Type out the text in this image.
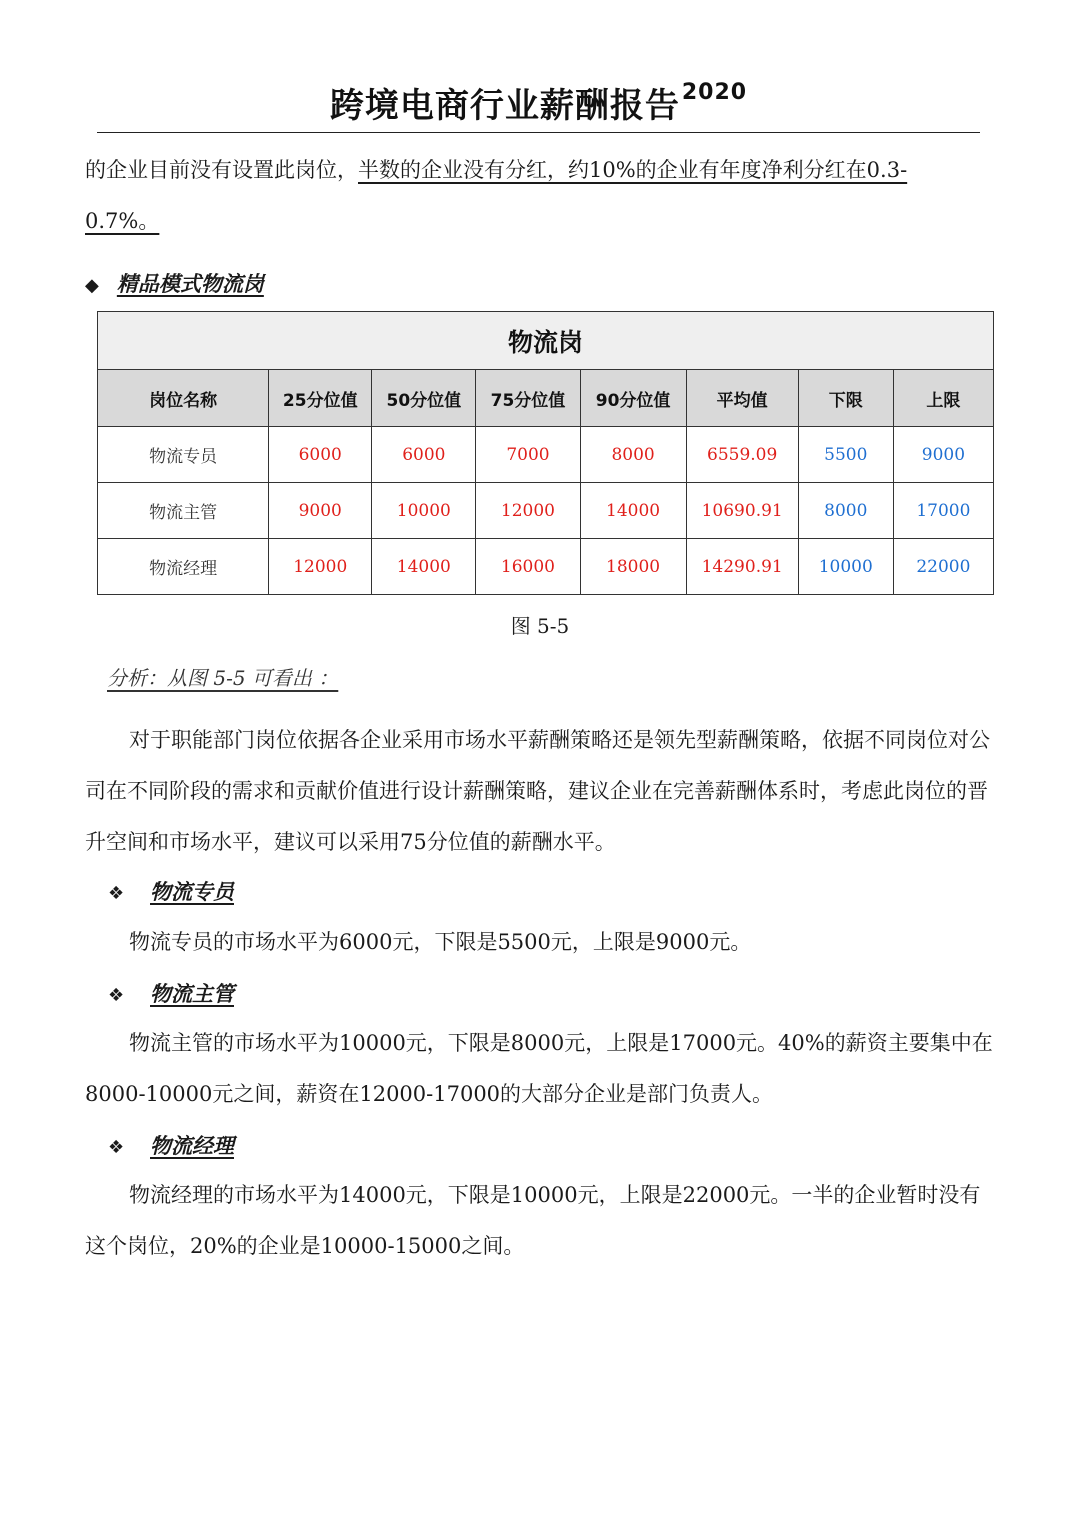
跨境电商行业薪酬报告$^{2020}$

的企业目前没有设置此岗位，半数的企业没有分红，约10%的企业有年度净利分红在0.3-
0.7%。

◆ 精品模式物流岗
物流岗							
岗位名称	25分位值	50分位值	75分位值	90分位值	平均值	下限	上限
物流专员	6000	6000	7000	8000	6559.09	5500	9000
物流主管	9000	10000	12000	14000	10690.91	8000	17000
物流经理	12000	14000	16000	18000	14290.91	10000	22000
图 5-5
分析：从图 5-5 可看出 ：

对于职能部门岗位依据各企业采用市场水平薪酬策略还是领先型薪酬策略，依据不同岗位对公司在不同阶段的需求和贡献价值进行设计薪酬策略，建议企业在完善薪酬体系时，考虑此岗位的晋升空间和市场水平，建议可以采用75分位值的薪酬水平。

❖ 物流专员

物流专员的市场水平为6000元，下限是5500元，上限是9000元。

❖ 物流主管

物流主管的市场水平为10000元，下限是8000元，上限是17000元。40%的薪资主要集中在8000-10000元之间，薪资在12000-17000的大部分企业是部门负责人。

❖ 物流经理

物流经理的市场水平为14000元，下限是10000元，上限是22000元。一半的企业暂时没有这个岗位，20%的企业是10000-15000之间。
